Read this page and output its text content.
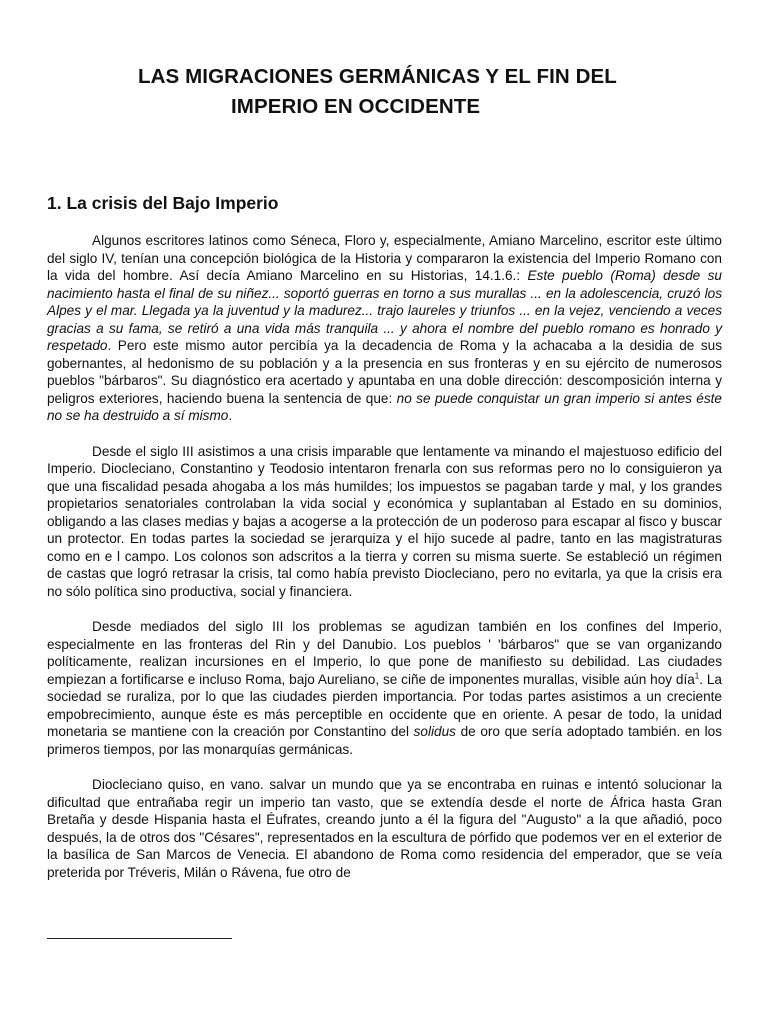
LAS MIGRACIONES GERMÁNICAS Y EL FIN DEL
IMPERIO EN OCCIDENTE
1. La crisis del Bajo Imperio

Algunos escritores latinos como Séneca, Floro y, especialmente, Amiano Marcelino, escritor este último del siglo IV, tenían una concepción biológica de la Historia y compararon la existencia del Imperio Romano con la vida del hombre. Así decía Amiano Marcelino en su Historias, 14.1.6.: Este pueblo (Roma) desde su nacimiento hasta el final de su niñez... soportó guerras en torno a sus murallas ... en la adolescencia, cruzó los Alpes y el mar. Llegada ya la juventud y la madurez... trajo laureles y triunfos ... en la vejez, venciendo a veces gracias a su fama, se retiró a una vida más tranquila ... y ahora el nombre del pueblo romano es honrado y respetado. Pero este mismo autor percibía ya la decadencia de Roma y la achacaba a la desidia de sus gobernantes, al hedonismo de su población y a la presencia en sus fronteras y en su ejército de numerosos pueblos "bárbaros". Su diagnóstico era acertado y apuntaba en una doble dirección: descomposición interna y peligros exteriores, haciendo buena la sentencia de que: no se puede conquistar un gran imperio si antes éste no se ha destruido a sí mismo.

Desde el siglo III asistimos a una crisis imparable que lentamente va minando el majestuoso edificio del Imperio. Diocleciano, Constantino y Teodosio intentaron frenarla con sus reformas pero no lo consiguieron ya que una fiscalidad pesada ahogaba a los más humildes; los impuestos se pagaban tarde y mal, y los grandes propietarios senatoriales controlaban la vida social y económica y suplantaban al Estado en su dominios, obligando a las clases medias y bajas a acogerse a la protección de un poderoso para escapar al fisco y buscar un protector. En todas partes la sociedad se jerarquiza y el hijo sucede al padre, tanto en las magistraturas como en e l campo. Los colonos son adscritos a la tierra y corren su misma suerte. Se estableció un régimen de castas que logró retrasar la crisis, tal como había previsto Diocleciano, pero no evitarla, ya que la crisis era no sólo política sino productiva, social y financiera.

Desde mediados del siglo III los problemas se agudizan también en los confines del Imperio, especialmente en las fronteras del Rin y del Danubio. Los pueblos ' 'bárbaros" que se van organizando políticamente, realizan incursiones en el Imperio, lo que pone de manifiesto su debilidad. Las ciudades empiezan a fortificarse e incluso Roma, bajo Aureliano, se ciñe de imponentes murallas, visible aún hoy día$^1$. La sociedad se ruraliza, por lo que las ciudades pierden importancia. Por todas partes asistimos a un creciente empobrecimiento, aunque éste es más perceptible en occidente que en oriente. A pesar de todo, la unidad monetaria se mantiene con la creación por Constantino del solidus de oro que sería adoptado también. en los primeros tiempos, por las monarquías germánicas.

Diocleciano quiso, en vano. salvar un mundo que ya se encontraba en ruinas e intentó solucionar la dificultad que entrañaba regir un imperio tan vasto, que se extendía desde el norte de África hasta Gran Bretaña y desde Hispania hasta el Éufrates, creando junto a él la figura del "Augusto" a la que añadió, poco después, la de otros dos "Césares", representados en la escultura de pórfido que podemos ver en el exterior de la basílica de San Marcos de Venecia. El abandono de Roma como residencia del emperador, que se veía preterida por Tréveris, Milán o Rávena, fue otro de
